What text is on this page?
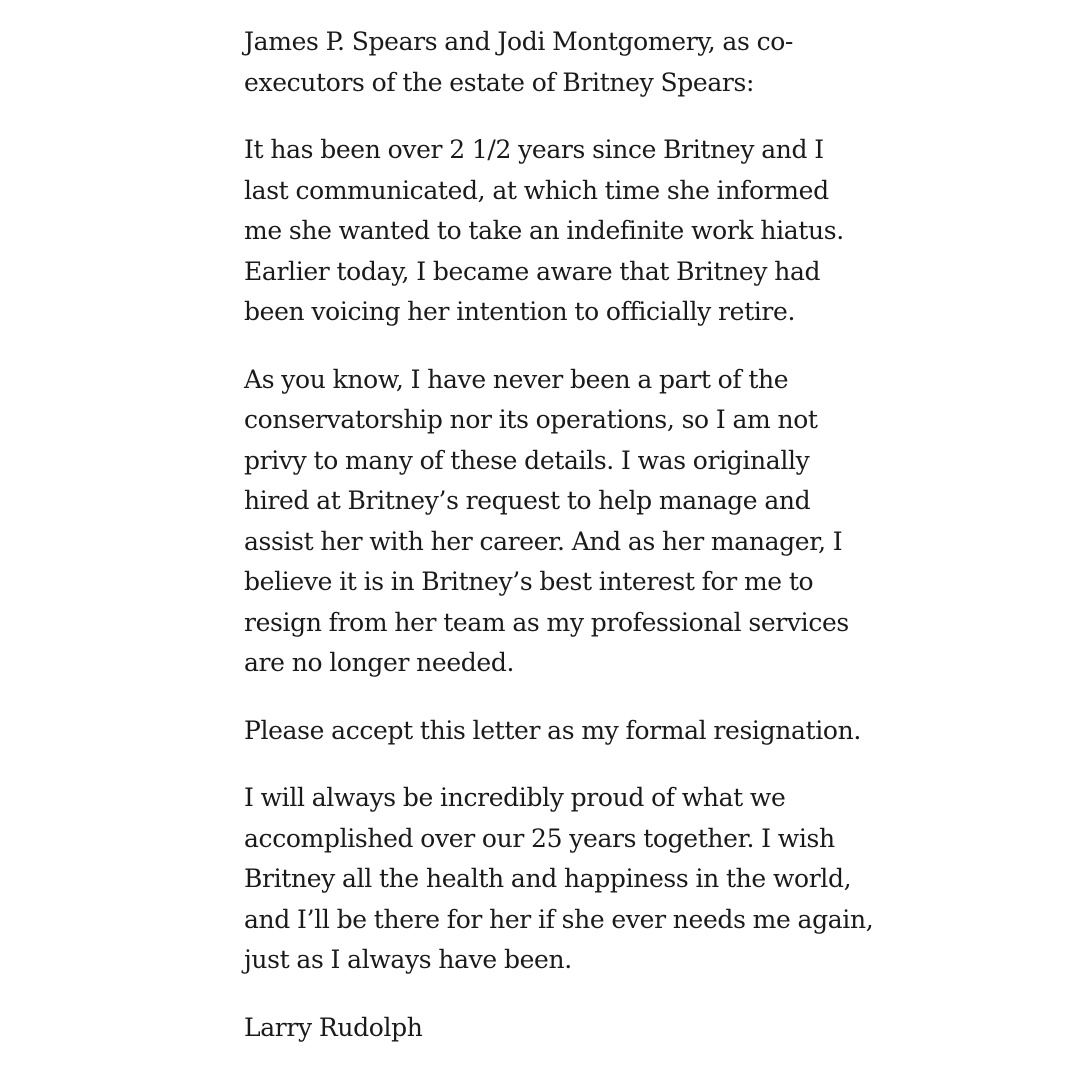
James P. Spears and Jodi Montgomery, as co-
executors of the estate of Britney Spears:

It has been over 2 1/2 years since Britney and I
last communicated, at which time she informed
me she wanted to take an indefinite work hiatus.
Earlier today, I became aware that Britney had
been voicing her intention to officially retire.

As you know, I have never been a part of the
conservatorship nor its operations, so I am not
privy to many of these details. I was originally
hired at Britney’s request to help manage and
assist her with her career. And as her manager, I
believe it is in Britney’s best interest for me to
resign from her team as my professional services
are no longer needed.

Please accept this letter as my formal resignation.

I will always be incredibly proud of what we
accomplished over our 25 years together. I wish
Britney all the health and happiness in the world,
and I’ll be there for her if she ever needs me again,
just as I always have been.

Larry Rudolph
